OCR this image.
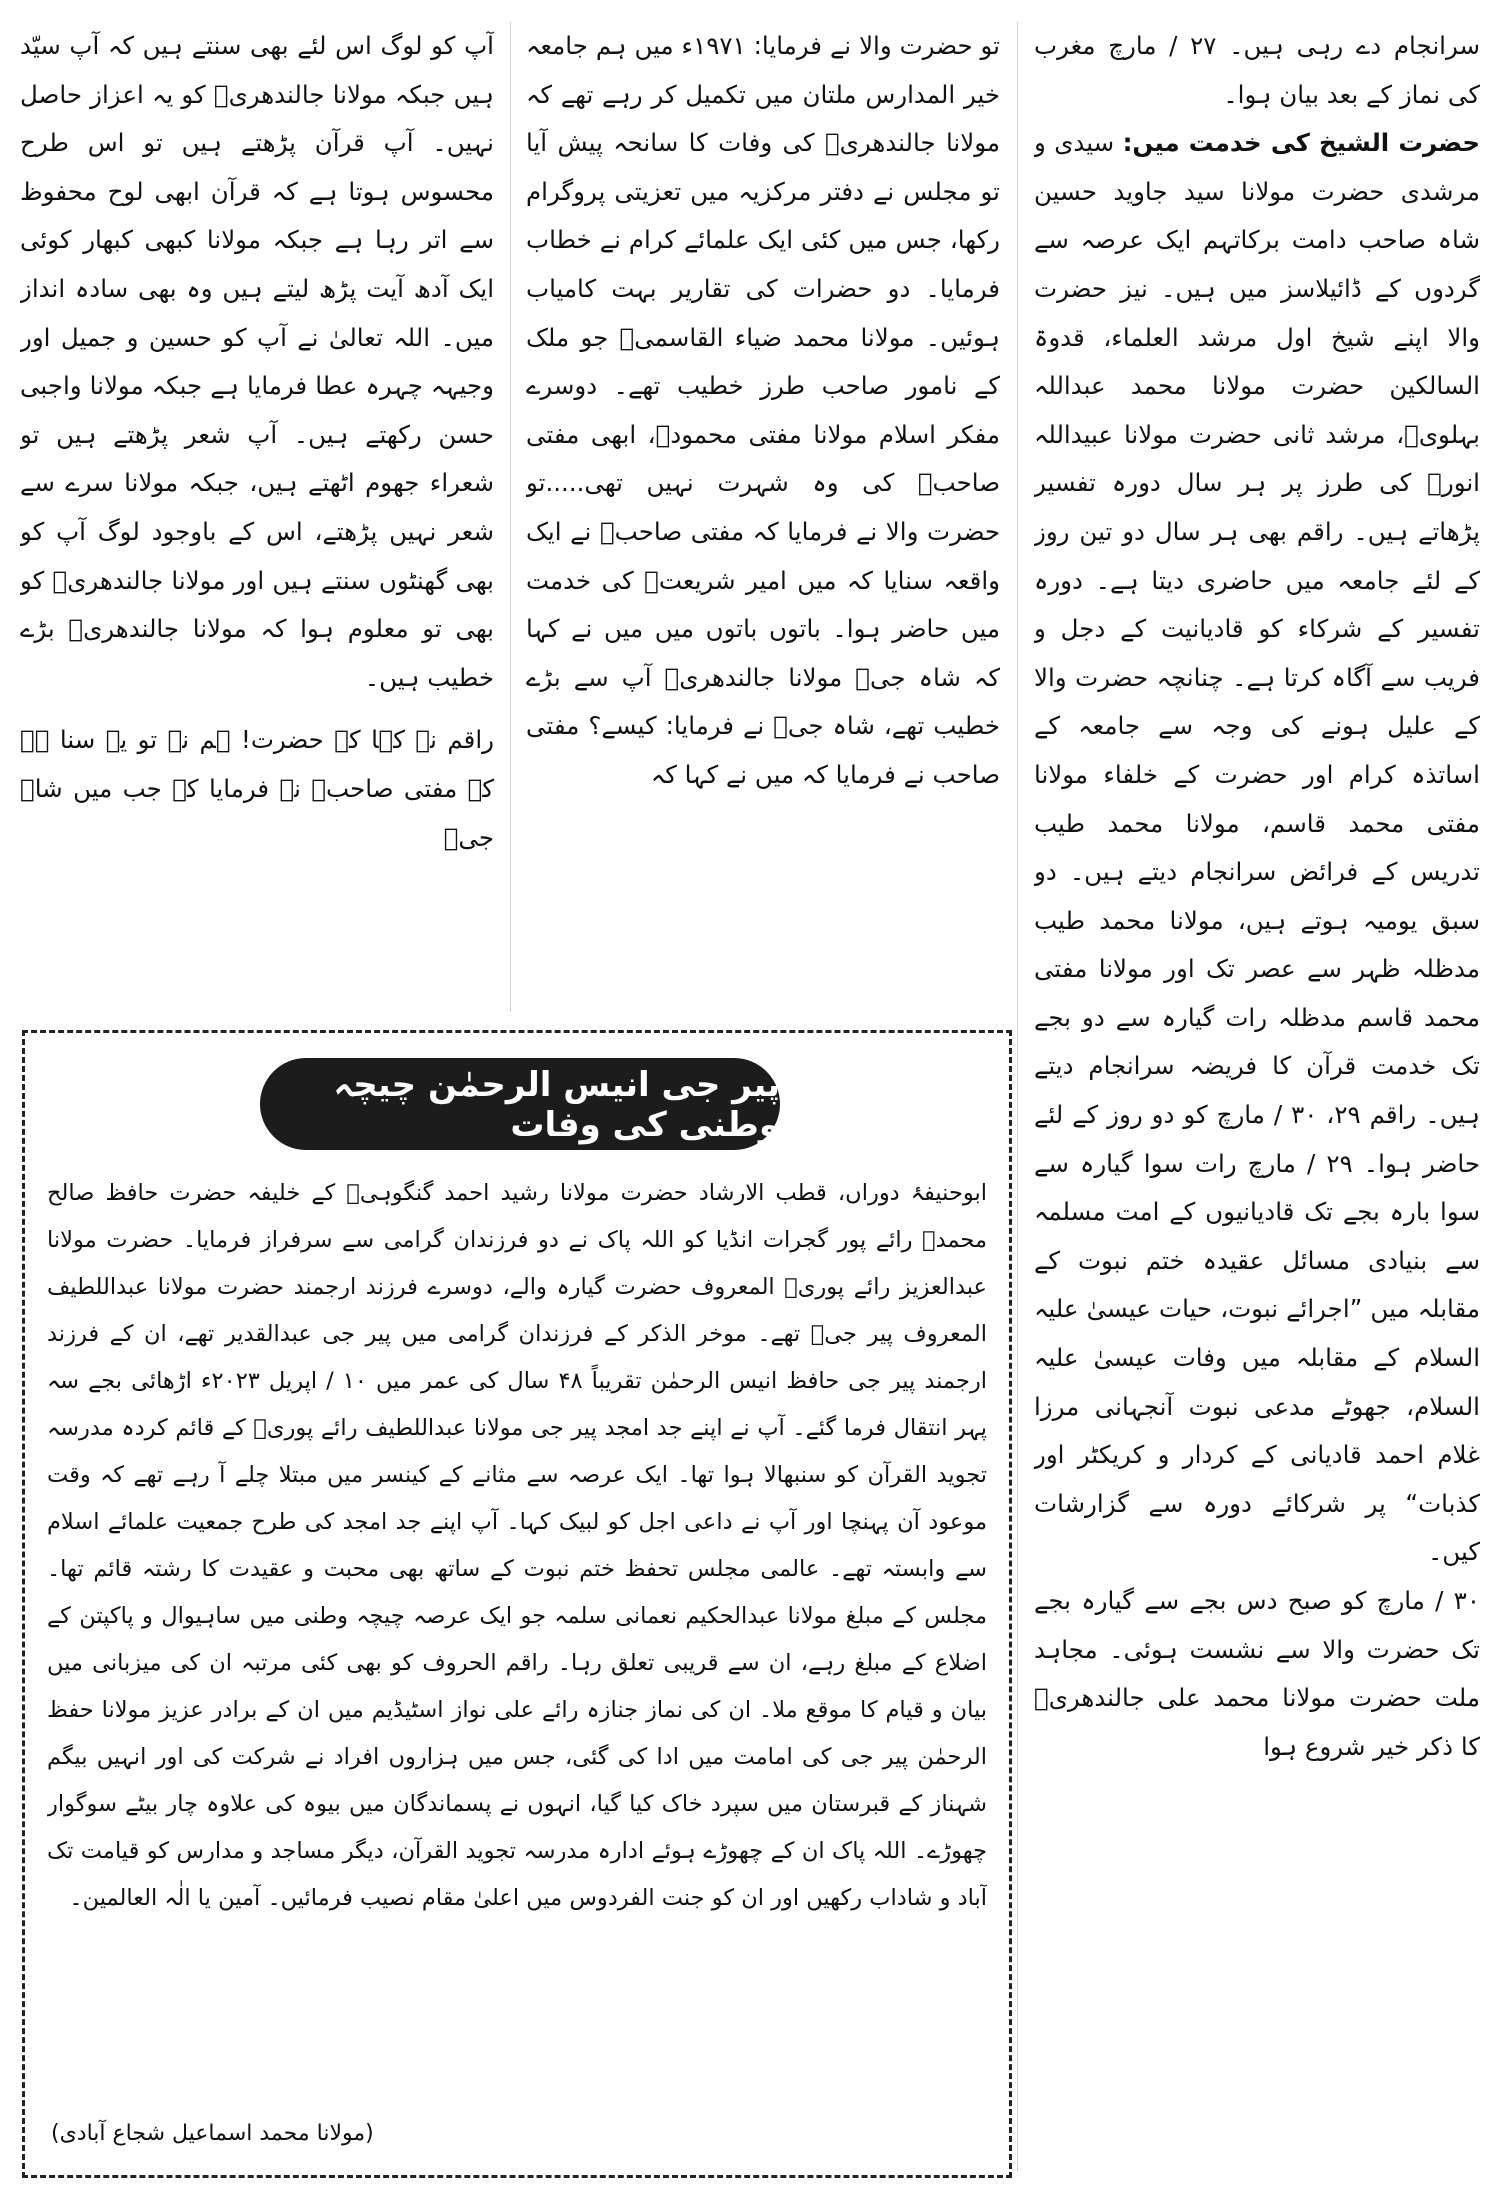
سرانجام دے رہی ہیں۔ ۲۷ / مارچ مغرب کی نماز کے بعد بیان ہوا۔

حضرت الشیخ کی خدمت میں: سیدی و مرشدی حضرت مولانا سید جاوید حسین شاہ صاحب دامت برکاتہم ایک عرصہ سے گردوں کے ڈائیلاسز میں ہیں۔ نیز حضرت والا اپنے شیخ اول مرشد العلماء، قدوۃ السالکین حضرت مولانا محمد عبداللہ بہلویؒ، مرشد ثانی حضرت مولانا عبیداللہ انورؒ کی طرز پر ہر سال دورہ تفسیر پڑھاتے ہیں۔ راقم بھی ہر سال دو تین روز کے لئے جامعہ میں حاضری دیتا ہے۔ دورہ تفسیر کے شرکاء کو قادیانیت کے دجل و فریب سے آگاہ کرتا ہے۔ چنانچہ حضرت والا کے علیل ہونے کی وجہ سے جامعہ کے اساتذہ کرام اور حضرت کے خلفاء مولانا مفتی محمد قاسم، مولانا محمد طیب تدریس کے فرائض سرانجام دیتے ہیں۔ دو سبق یومیہ ہوتے ہیں، مولانا محمد طیب مدظلہ ظہر سے عصر تک اور مولانا مفتی محمد قاسم مدظلہ رات گیارہ سے دو بجے تک خدمت قرآن کا فریضہ سرانجام دیتے ہیں۔ راقم ۲۹، ۳۰ / مارچ کو دو روز کے لئے حاضر ہوا۔ ۲۹ / مارچ رات سوا گیارہ سے سوا بارہ بجے تک قادیانیوں کے امت مسلمہ سے بنیادی مسائل عقیدہ ختم نبوت کے مقابلہ میں ”اجرائے نبوت، حیات عیسیٰ علیہ السلام کے مقابلہ میں وفات عیسیٰ علیہ السلام، جھوٹے مدعی نبوت آنجہانی مرزا غلام احمد قادیانی کے کردار و کریکٹر اور کذبات“ پر شرکائے دورہ سے گزارشات کیں۔

۳۰ / مارچ کو صبح دس بجے سے گیارہ بجے تک حضرت والا سے نشست ہوئی۔ مجاہد ملت حضرت مولانا محمد علی جالندھریؒ کا ذکر خیر شروع ہوا

تو حضرت والا نے فرمایا: ۱۹۷۱ء میں ہم جامعہ خیر المدارس ملتان میں تکمیل کر رہے تھے کہ مولانا جالندھریؒ کی وفات کا سانحہ پیش آیا تو مجلس نے دفتر مرکزیہ میں تعزیتی پروگرام رکھا، جس میں کئی ایک علمائے کرام نے خطاب فرمایا۔ دو حضرات کی تقاریر بہت کامیاب ہوئیں۔ مولانا محمد ضیاء القاسمیؒ جو ملک کے نامور صاحب طرز خطیب تھے۔ دوسرے مفکر اسلام مولانا مفتی محمودؒ، ابھی مفتی صاحبؒ کی وہ شہرت نہیں تھی.....تو حضرت والا نے فرمایا کہ مفتی صاحبؒ نے ایک واقعہ سنایا کہ میں امیر شریعتؒ کی خدمت میں حاضر ہوا۔ باتوں باتوں میں میں نے کہا کہ شاہ جیؒ مولانا جالندھریؒ آپ سے بڑے خطیب تھے، شاہ جیؒ نے فرمایا: کیسے؟ مفتی صاحب نے فرمایا کہ میں نے کہا کہ

آپ کو لوگ اس لئے بھی سنتے ہیں کہ آپ سیّد ہیں جبکہ مولانا جالندھریؒ کو یہ اعزاز حاصل نہیں۔ آپ قرآن پڑھتے ہیں تو اس طرح محسوس ہوتا ہے کہ قرآن ابھی لوح محفوظ سے اتر رہا ہے جبکہ مولانا کبھی کبھار کوئی ایک آدھ آیت پڑھ لیتے ہیں وہ بھی سادہ انداز میں۔ اللہ تعالیٰ نے آپ کو حسین و جمیل اور وجیہہ چہرہ عطا فرمایا ہے جبکہ مولانا واجبی حسن رکھتے ہیں۔ آپ شعر پڑھتے ہیں تو شعراء جھوم اٹھتے ہیں، جبکہ مولانا سرے سے شعر نہیں پڑھتے، اس کے باوجود لوگ آپ کو بھی گھنٹوں سنتے ہیں اور مولانا جالندھریؒ کو بھی تو معلوم ہوا کہ مولانا جالندھریؒ بڑے خطیب ہیں۔

راقم نے کہا کہ حضرت! ہم نے تو یہ سنا ہے کہ مفتی صاحبؒ نے فرمایا کہ جب میں شاہ جیؒ

پیر جی انیس الرحمٰن چیچہ وطنی کی وفات
ابوحنیفۂ دوراں، قطب الارشاد حضرت مولانا رشید احمد گنگوہیؒ کے خلیفہ حضرت حافظ صالح محمدؒ رائے پور گجرات انڈیا کو اللہ پاک نے دو فرزندان گرامی سے سرفراز فرمایا۔ حضرت مولانا عبدالعزیز رائے پوریؒ المعروف حضرت گیارہ والے، دوسرے فرزند ارجمند حضرت مولانا عبداللطیف المعروف پیر جیؒ تھے۔ موخر الذکر کے فرزندان گرامی میں پیر جی عبدالقدیر تھے، ان کے فرزند ارجمند پیر جی حافظ انیس الرحمٰن تقریباً ۴۸ سال کی عمر میں ۱۰ / اپریل ۲۰۲۳ء اڑھائی بجے سہ پہر انتقال فرما گئے۔ آپ نے اپنے جد امجد پیر جی مولانا عبداللطیف رائے پوریؒ کے قائم کردہ مدرسہ تجوید القرآن کو سنبھالا ہوا تھا۔ ایک عرصہ سے مثانے کے کینسر میں مبتلا چلے آ رہے تھے کہ وقت موعود آن پہنچا اور آپ نے داعی اجل کو لبیک کہا۔ آپ اپنے جد امجد کی طرح جمعیت علمائے اسلام سے وابستہ تھے۔ عالمی مجلس تحفظ ختم نبوت کے ساتھ بھی محبت و عقیدت کا رشتہ قائم تھا۔ مجلس کے مبلغ مولانا عبدالحکیم نعمانی سلمہ جو ایک عرصہ چیچہ وطنی میں ساہیوال و پاکپتن کے اضلاع کے مبلغ رہے، ان سے قریبی تعلق رہا۔ راقم الحروف کو بھی کئی مرتبہ ان کی میزبانی میں بیان و قیام کا موقع ملا۔ ان کی نماز جنازہ رائے علی نواز اسٹیڈیم میں ان کے برادر عزیز مولانا حفظ الرحمٰن پیر جی کی امامت میں ادا کی گئی، جس میں ہزاروں افراد نے شرکت کی اور انہیں بیگم شہناز کے قبرستان میں سپرد خاک کیا گیا، انہوں نے پسماندگان میں بیوہ کی علاوہ چار بیٹے سوگوار چھوڑے۔ اللہ پاک ان کے چھوڑے ہوئے ادارہ مدرسہ تجوید القرآن، دیگر مساجد و مدارس کو قیامت تک آباد و شاداب رکھیں اور ان کو جنت الفردوس میں اعلیٰ مقام نصیب فرمائیں۔ آمین یا الٰہ العالمین۔
(مولانا محمد اسماعیل شجاع آبادی)
